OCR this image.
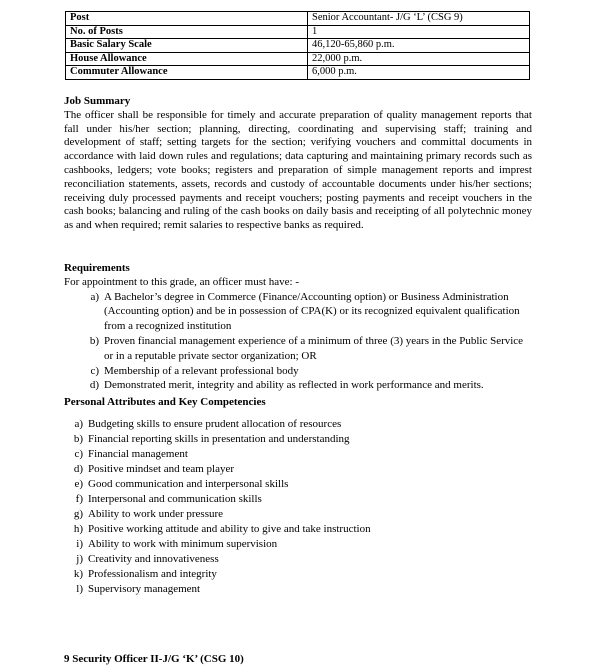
Post	Senior Accountant- J/G ‘L’ (CSG 9)
No. of Posts	1
Basic Salary Scale	46,120-65,860 p.m.
House Allowance	22,000 p.m.
Commuter Allowance	6,000 p.m.
Job Summary
The officer shall be responsible for timely and accurate preparation of quality management reports that fall under his/her section; planning, directing, coordinating and supervising staff; training and development of staff; setting targets for the section; verifying vouchers and committal documents in accordance with laid down rules and regulations; data capturing and maintaining primary records such as cashbooks, ledgers; vote books; registers and preparation of simple management reports and imprest reconciliation statements, assets, records and custody of accountable documents under his/her sections; receiving duly processed payments and receipt vouchers; posting payments and receipt vouchers in the cash books; balancing and ruling of the cash books on daily basis and receipting of all polytechnic money as and when required; remit salaries to respective banks as required.
Requirements
For appointment to this grade, an officer must have: -
a) A Bachelor’s degree in Commerce (Finance/Accounting option) or Business Administration (Accounting option) and be in possession of CPA(K) or its recognized equivalent qualification from a recognized institution
b) Proven financial management experience of a minimum of three (3) years in the Public Service or in a reputable private sector organization; OR
c) Membership of a relevant professional body
d) Demonstrated merit, integrity and ability as reflected in work performance and merits.
Personal Attributes and Key Competencies
a) Budgeting skills to ensure prudent allocation of resources
b) Financial reporting skills in presentation and understanding
c) Financial management
d) Positive mindset and team player
e) Good communication and interpersonal skills
f) Interpersonal and communication skills
g) Ability to work under pressure
h) Positive working attitude and ability to give and take instruction
i) Ability to work with minimum supervision
j) Creativity and innovativeness
k) Professionalism and integrity
l) Supervisory management
9 Security Officer II-J/G ‘K’ (CSG 10)
